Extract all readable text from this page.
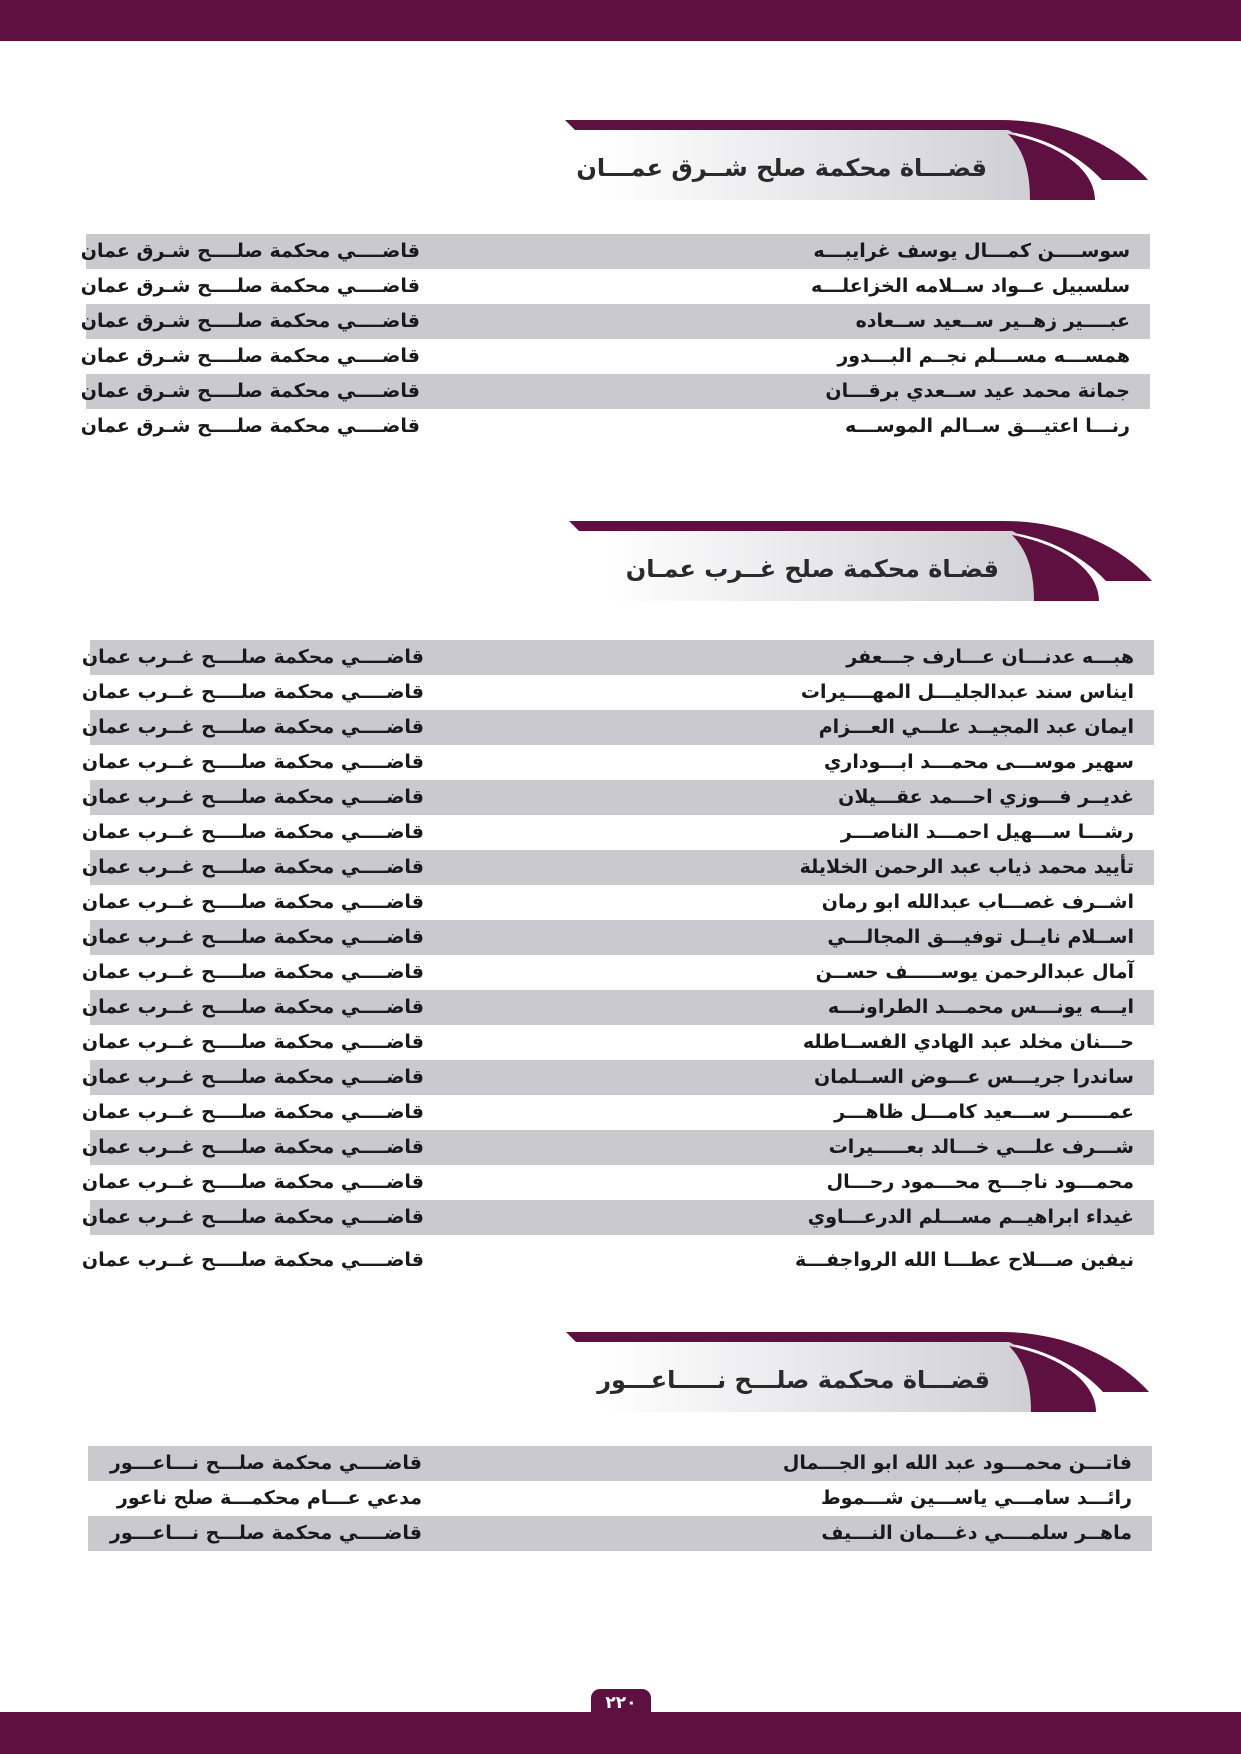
قضـــاة محكمة صلح شــرق عمـــان
سوســــن كمـــال يوسف غرايبـــه
قاضــــي محكمة صلــــح شـرق عمان
سلسبيل عــواد ســلامه الخزاعلـــه
قاضــــي محكمة صلــــح شـرق عمان
عبــــير زهــير ســعيد ســعاده
قاضــــي محكمة صلــــح شـرق عمان
همســـه مســـلم نجــم البـــدور
قاضــــي محكمة صلــــح شـرق عمان
جمانة محمد عيد ســعدي برقـــان
قاضــــي محكمة صلــــح شـرق عمان
رنـــا اعتيـــق ســالم الموســـه
قاضــــي محكمة صلــــح شـرق عمان
قضـاة محكمة صلح غــرب عمـان
هبـــه عدنـــان عـــارف جـــعفر
قاضــــي محكمة صلــــح غــرب عمان
ايناس سند عبدالجليـــل المهــــيرات
قاضــــي محكمة صلــــح غــرب عمان
ايمان عبد المجيــد علـــي العـــزام
قاضــــي محكمة صلــــح غــرب عمان
سهير موســـى محمـــد ابـــوداري
قاضــــي محكمة صلــــح غــرب عمان
غديــر فـــوزي احـــمد عقـــيلان
قاضــــي محكمة صلــــح غــرب عمان
رشـــا ســـهيل احمـــد الناصـــر
قاضــــي محكمة صلــــح غــرب عمان
تأييد محمد ذياب عبد الرحمن الخلايلة
قاضــــي محكمة صلــــح غــرب عمان
اشــرف غصـــاب عبدالله ابو رمان
قاضــــي محكمة صلــــح غــرب عمان
اســلام نايــل توفيـــق المجالـــي
قاضــــي محكمة صلــــح غــرب عمان
آمال عبدالرحمن يوســـــف حســن
قاضــــي محكمة صلــــح غــرب عمان
ايـــه يونـــس محمـــد الطراونـــه
قاضــــي محكمة صلــــح غــرب عمان
حـــنان مخلد عبد الهادي الفســاطله
قاضــــي محكمة صلــــح غــرب عمان
ساندرا جريـــس عـــوض الســلمان
قاضــــي محكمة صلــــح غــرب عمان
عمــــــر ســـعيد كامـــل ظاهـــر
قاضــــي محكمة صلــــح غــرب عمان
شـــرف علـــي خـــالد بعـــــيرات
قاضــــي محكمة صلــــح غــرب عمان
محمـــود ناجـــح محـــمود رحـــال
قاضــــي محكمة صلــــح غــرب عمان
غيداء ابراهيــم مســـلم الدرعـــاوي
قاضــــي محكمة صلــــح غــرب عمان
نيفين صـــلاح عطـــا الله الرواجفـــة
قاضــــي محكمة صلــــح غــرب عمان
قضـــاة محكمة صلـــح نـــــاعـــور
فاتـــن محمـــود عبد الله ابو الجـــمال
قاضــــي محكمة صلـــح نـــاعـــور
رائـــد سامـــي ياســـين شـــموط
مدعي عـــام محكمـــة صلح ناعور
ماهــر سلمــــي دغـــمان النـــيف
قاضــــي محكمة صلـــح نـــاعـــور
٢٢٠
